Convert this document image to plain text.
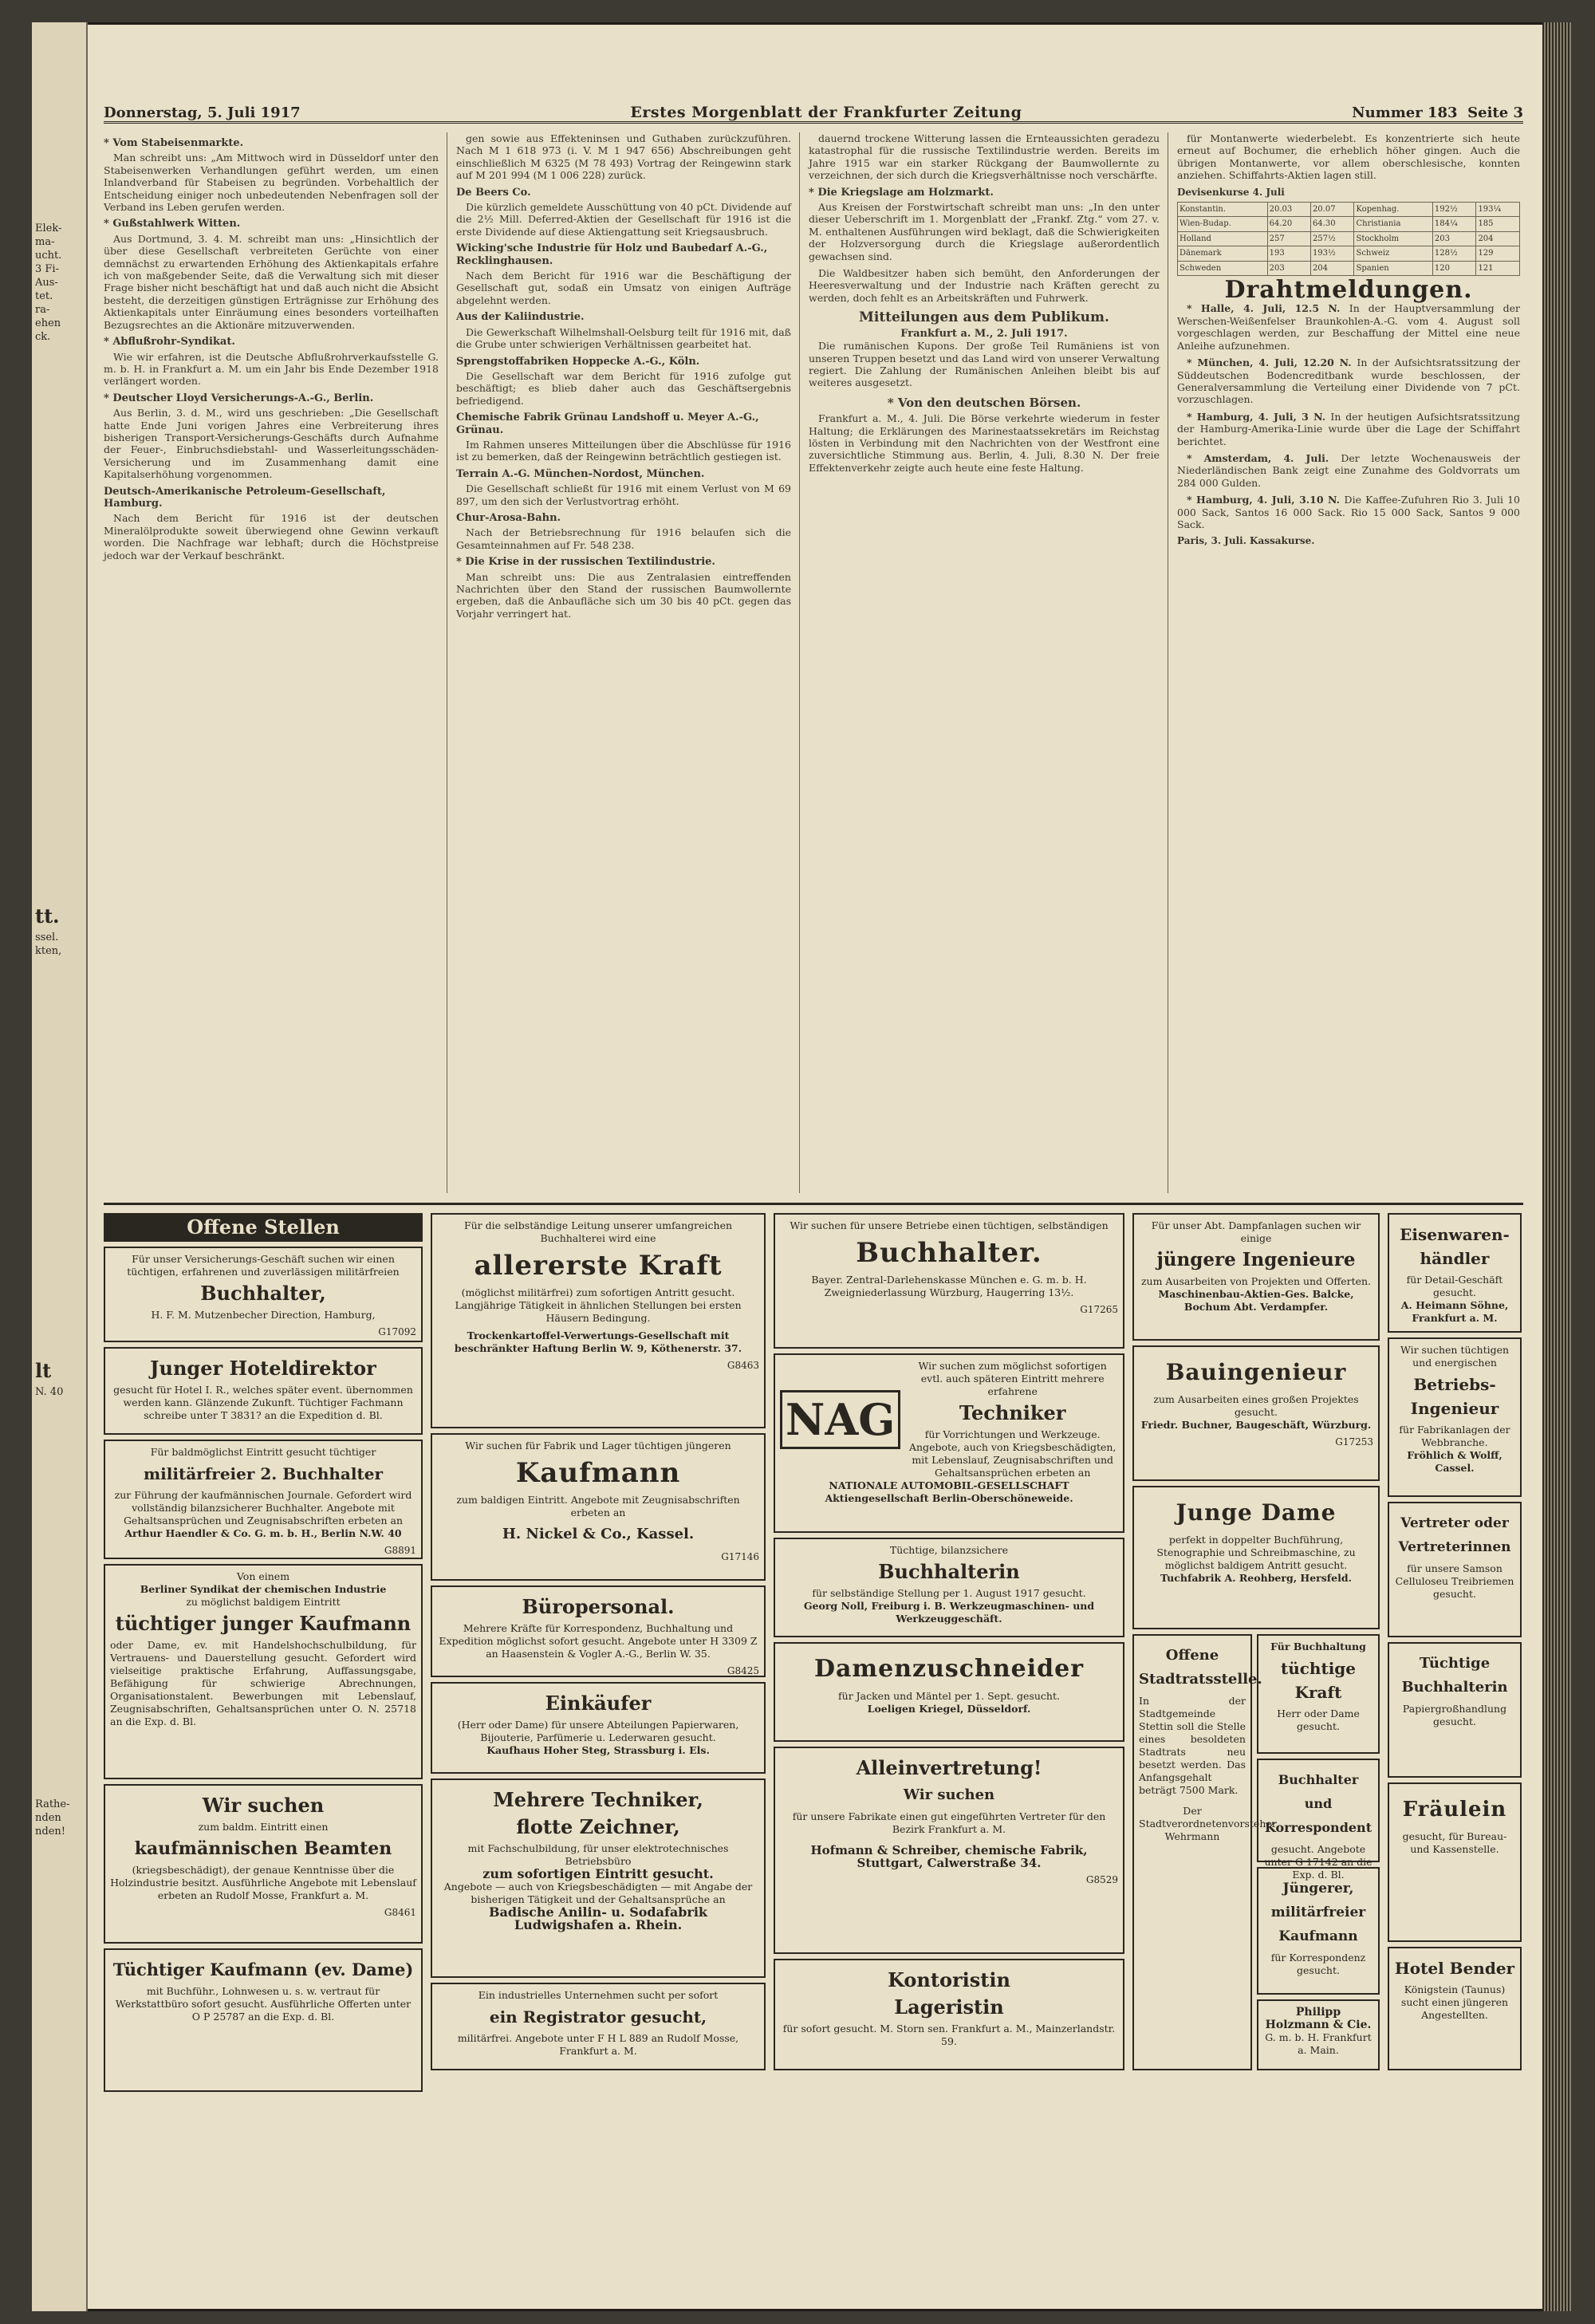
Elek-
ma-
ucht.
3 Fi-
Aus-
tet.
ra-
ehen
ck.
tt.
ssel.
kten,
lt
N. 40
Rathe-
nden
nden!
Donnerstag, 5. Juli 1917	Erstes Morgenblatt der Frankfurter Zeitung	Nummer 183 Seite 3
* Vom Stabeisenmarkte.

Man schreibt uns: „Am Mittwoch wird in Düsseldorf unter den Stabeisenwerken Verhandlungen geführt werden, um einen Inlandverband für Stabeisen zu begründen. Vorbehaltlich der Entscheidung einiger noch unbedeutenden Nebenfragen soll der Verband ins Leben gerufen werden.

* Gußstahlwerk Witten.

Aus Dortmund, 3. 4. M. schreibt man uns: „Hinsichtlich der über diese Gesellschaft verbreiteten Gerüchte von einer demnächst zu erwartenden Erhöhung des Aktienkapitals erfahre ich von maßgebender Seite, daß die Verwaltung sich mit dieser Frage bisher nicht beschäftigt hat und daß auch nicht die Absicht besteht, die derzeitigen günstigen Erträgnisse zur Erhöhung des Aktienkapitals unter Einräumung eines besonders vorteilhaften Bezugsrechtes an die Aktionäre mitzuverwenden.

* Abflußrohr-Syndikat.

Wie wir erfahren, ist die Deutsche Abflußrohrverkaufsstelle G. m. b. H. in Frankfurt a. M. um ein Jahr bis Ende Dezember 1918 verlängert worden.

* Deutscher Lloyd Versicherungs-A.-G., Berlin.

Aus Berlin, 3. d. M., wird uns geschrieben: „Die Gesellschaft hatte Ende Juni vorigen Jahres eine Verbreiterung ihres bisherigen Transport-Versicherungs-Geschäfts durch Aufnahme der Feuer-, Einbruchsdiebstahl- und Wasserleitungsschäden-Versicherung und im Zusammenhang damit eine Kapitalserhöhung vorgenommen.

Deutsch-Amerikanische Petroleum-Gesellschaft, Hamburg.

Nach dem Bericht für 1916 ist der deutschen Mineralölprodukte soweit überwiegend ohne Gewinn verkauft worden. Die Nachfrage war lebhaft; durch die Höchstpreise jedoch war der Verkauf beschränkt.

gen sowie aus Effekteninsen und Guthaben zurückzuführen. Nach M 1 618 973 (i. V. M 1 947 656) Abschreibungen geht einschließlich M 6325 (M 78 493) Vortrag der Reingewinn stark auf M 201 994 (M 1 006 228) zurück.

De Beers Co.

Die kürzlich gemeldete Ausschüttung von 40 pCt. Dividende auf die 2½ Mill. Deferred-Aktien der Gesellschaft für 1916 ist die erste Dividende auf diese Aktiengattung seit Kriegsausbruch.

Wicking'sche Industrie für Holz und Baubedarf A.-G., Recklinghausen.

Nach dem Bericht für 1916 war die Beschäftigung der Gesellschaft gut, sodaß ein Umsatz von einigen Aufträge abgelehnt werden.

Aus der Kaliindustrie.

Die Gewerkschaft Wilhelmshall-Oelsburg teilt für 1916 mit, daß die Grube unter schwierigen Verhältnissen gearbeitet hat.

Sprengstoffabriken Hoppecke A.-G., Köln.

Die Gesellschaft war dem Bericht für 1916 zufolge gut beschäftigt; es blieb daher auch das Geschäftsergebnis befriedigend.

Chemische Fabrik Grünau Landshoff u. Meyer A.-G., Grünau.

Im Rahmen unseres Mitteilungen über die Abschlüsse für 1916 ist zu bemerken, daß der Reingewinn beträchtlich gestiegen ist.

Terrain A.-G. München-Nordost, München.

Die Gesellschaft schließt für 1916 mit einem Verlust von M 69 897, um den sich der Verlustvortrag erhöht.

Chur-Arosa-Bahn.

Nach der Betriebsrechnung für 1916 belaufen sich die Gesamteinnahmen auf Fr. 548 238.

* Die Krise in der russischen Textilindustrie.

Man schreibt uns: Die aus Zentralasien eintreffenden Nachrichten über den Stand der russischen Baumwollernte ergeben, daß die Anbaufläche sich um 30 bis 40 pCt. gegen das Vorjahr verringert hat.

dauernd trockene Witterung lassen die Ernteaussichten geradezu katastrophal für die russische Textilindustrie werden. Bereits im Jahre 1915 war ein starker Rückgang der Baumwollernte zu verzeichnen, der sich durch die Kriegsverhältnisse noch verschärfte.

* Die Kriegslage am Holzmarkt.

Aus Kreisen der Forstwirtschaft schreibt man uns: „In den unter dieser Ueberschrift im 1. Morgenblatt der „Frankf. Ztg.“ vom 27. v. M. enthaltenen Ausführungen wird beklagt, daß die Schwierigkeiten der Holzversorgung durch die Kriegslage außerordentlich gewachsen sind.

Die Waldbesitzer haben sich bemüht, den Anforderungen der Heeresverwaltung und der Industrie nach Kräften gerecht zu werden, doch fehlt es an Arbeitskräften und Fuhrwerk.

Mitteilungen aus dem Publikum.
Frankfurt a. M., 2. Juli 1917.

Die rumänischen Kupons. Der große Teil Rumäniens ist von unseren Truppen besetzt und das Land wird von unserer Verwaltung regiert. Die Zahlung der Rumänischen Anleihen bleibt bis auf weiteres ausgesetzt.

* Von den deutschen Börsen.

Frankfurt a. M., 4. Juli. Die Börse verkehrte wiederum in fester Haltung; die Erklärungen des Marinestaatssekretärs im Reichstag lösten in Verbindung mit den Nachrichten von der Westfront eine zuversichtliche Stimmung aus. Berlin, 4. Juli, 8.30 N. Der freie Effektenverkehr zeigte auch heute eine feste Haltung.

für Montanwerte wiederbelebt. Es konzentrierte sich heute erneut auf Bochumer, die erheblich höher gingen. Auch die übrigen Montanwerte, vor allem oberschlesische, konnten anziehen. Schiffahrts-Aktien lagen still.

Devisenkurse 4. Juli
Konstantin.	20.03	20.07	Kopenhag.	192½	193¼
Wien-Budap.	64.20	64.30	Christiania	184¼	185
Holland	257	257½	Stockholm	203	204
Dänemark	193	193½	Schweiz	128½	129
Schweden	203	204	Spanien	120	121
Drahtmeldungen.

* Halle, 4. Juli, 12.5 N. In der Hauptversammlung der Werschen-Weißenfelser Braunkohlen-A.-G. vom 4. August soll vorgeschlagen werden, zur Beschaffung der Mittel eine neue Anleihe aufzunehmen.

* München, 4. Juli, 12.20 N. In der Aufsichtsratssitzung der Süddeutschen Bodencreditbank wurde beschlossen, der Generalversammlung die Verteilung einer Dividende von 7 pCt. vorzuschlagen.

* Hamburg, 4. Juli, 3 N. In der heutigen Aufsichtsratssitzung der Hamburg-Amerika-Linie wurde über die Lage der Schiffahrt berichtet.

* Amsterdam, 4. Juli. Der letzte Wochenausweis der Niederländischen Bank zeigt eine Zunahme des Goldvorrats um 284 000 Gulden.

* Hamburg, 4. Juli, 3.10 N. Die Kaffee-Zufuhren Rio 3. Juli 10 000 Sack, Santos 16 000 Sack. Rio 15 000 Sack, Santos 9 000 Sack.

Paris, 3. Juli. Kassakurse.
Offene Stellen
Für unser Versicherungs-Geschäft suchen wir einen tüchtigen, erfahrenen und zuverlässigen militärfreien
Buchhalter,
H. F. M. Mutzenbecher Direction, Hamburg,
G17092
Junger Hoteldirektor
gesucht für Hotel I. R., welches später event. übernommen werden kann. Glänzende Zukunft. Tüchtiger Fachmann schreibe unter T 3831? an die Expedition d. Bl.
Für baldmöglichst Eintritt gesucht tüchtiger
militärfreier 2. Buchhalter
zur Führung der kaufmännischen Journale. Gefordert wird vollständig bilanzsicherer Buchhalter. Angebote mit Gehaltsansprüchen und Zeugnisabschriften erbeten an
Arthur Haendler & Co. G. m. b. H., Berlin N.W. 40
G8891
Von einem
Berliner Syndikat der chemischen Industrie
zu möglichst baldigem Eintritt
tüchtiger junger Kaufmann
oder Dame, ev. mit Handelshochschulbildung, für Vertrauens- und Dauerstellung gesucht. Gefordert wird vielseitige praktische Erfahrung, Auffassungsgabe, Befähigung für schwierige Abrechnungen, Organisationstalent. Bewerbungen mit Lebenslauf, Zeugnisabschriften, Gehaltsansprüchen unter O. N. 25718 an die Exp. d. Bl.
Wir suchen
zum baldm. Eintritt einen
kaufmännischen Beamten
(kriegsbeschädigt), der genaue Kenntnisse über die Holzindustrie besitzt. Ausführliche Angebote mit Lebenslauf erbeten an Rudolf Mosse, Frankfurt a. M.
G8461
Tüchtiger Kaufmann (ev. Dame)
mit Buchführ., Lohnwesen u. s. w. vertraut für Werkstattbüro sofort gesucht. Ausführliche Offerten unter O P 25787 an die Exp. d. Bl.
Für die selbständige Leitung unserer umfangreichen Buchhalterei wird eine
allererste Kraft
(möglichst militärfrei) zum sofortigen Antritt gesucht. Langjährige Tätigkeit in ähnlichen Stellungen bei ersten Häusern Bedingung.
Trockenkartoffel-Verwertungs-Gesellschaft mit beschränkter Haftung Berlin W. 9, Köthenerstr. 37.
G8463
Wir suchen für Fabrik und Lager tüchtigen jüngeren
Kaufmann
zum baldigen Eintritt. Angebote mit Zeugnisabschriften erbeten an
H. Nickel & Co., Kassel.
G17146
Büropersonal.
Mehrere Kräfte für Korrespondenz, Buchhaltung und Expedition möglichst sofort gesucht. Angebote unter H 3309 Z an Haasenstein & Vogler A.-G., Berlin W. 35.
G8425
Einkäufer
(Herr oder Dame) für unsere Abteilungen Papierwaren, Bijouterie, Parfümerie u. Lederwaren gesucht.
Kaufhaus Hoher Steg, Strassburg i. Els.
Mehrere Techniker,
flotte Zeichner,
mit Fachschulbildung, für unser elektrotechnisches Betriebsbüro
zum sofortigen Eintritt gesucht.
Angebote — auch von Kriegsbeschädigten — mit Angabe der bisherigen Tätigkeit und der Gehaltsansprüche an
Badische Anilin- u. Sodafabrik Ludwigshafen a. Rhein.
Ein industrielles Unternehmen sucht per sofort
ein Registrator gesucht,
militärfrei. Angebote unter F H L 889 an Rudolf Mosse, Frankfurt a. M.
Wir suchen für unsere Betriebe einen tüchtigen, selbständigen
Buchhalter.
Bayer. Zentral-Darlehenskasse München e. G. m. b. H. Zweigniederlassung Würzburg, Haugerring 13½.
G17265
NAG
Wir suchen zum möglichst sofortigen evtl. auch späteren Eintritt mehrere erfahrene
Techniker
für Vorrichtungen und Werkzeuge. Angebote, auch von Kriegsbeschädigten, mit Lebenslauf, Zeugnisabschriften und Gehaltsansprüchen erbeten an
NATIONALE AUTOMOBIL-GESELLSCHAFT Aktiengesellschaft Berlin-Oberschöneweide.
Tüchtige, bilanzsichere
Buchhalterin
für selbständige Stellung per 1. August 1917 gesucht.
Georg Noll, Freiburg i. B. Werkzeugmaschinen- und Werkzeuggeschäft.
Damenzuschneider
für Jacken und Mäntel per 1. Sept. gesucht.
Loeligen Kriegel, Düsseldorf.
Alleinvertretung!
Wir suchen
für unsere Fabrikate einen gut eingeführten Vertreter für den Bezirk Frankfurt a. M.
Hofmann & Schreiber, chemische Fabrik, Stuttgart, Calwerstraße 34.
G8529
Kontoristin
Lageristin
für sofort gesucht. M. Storn sen. Frankfurt a. M., Mainzerlandstr. 59.
Für unser Abt. Dampfanlagen suchen wir einige
jüngere Ingenieure
zum Ausarbeiten von Projekten und Offerten.
Maschinenbau-Aktien-Ges. Balcke, Bochum Abt. Verdampfer.
Bauingenieur
zum Ausarbeiten eines großen Projektes gesucht.
Friedr. Buchner, Baugeschäft, Würzburg.
G17253
Junge Dame
perfekt in doppelter Buchführung, Stenographie und Schreibmaschine, zu möglichst baldigem Antritt gesucht.
Tuchfabrik A. Reohberg, Hersfeld.
Offene Stadtratsstelle.
In der Stadtgemeinde Stettin soll die Stelle eines besoldeten Stadtrats neu besetzt werden. Das Anfangsgehalt beträgt 7500 Mark.
Der Stadtverordnetenvorsteher Wehrmann
Für Buchhaltung
tüchtige Kraft
Herr oder Dame gesucht.
Buchhalter und Korrespondent
gesucht. Angebote unter G 17142 an die Exp. d. Bl.
Jüngerer, militärfreier Kaufmann
für Korrespondenz gesucht.
Philipp Holzmann & Cie.
G. m. b. H. Frankfurt a. Main.
Eisenwaren-händler
für Detail-Geschäft gesucht.
A. Heimann Söhne, Frankfurt a. M.
Wir suchen tüchtigen und energischen
Betriebs-Ingenieur
für Fabrikanlagen der Webbranche.
Fröhlich & Wolff, Cassel.
Vertreter oder Vertreterinnen
für unsere Samson Celluloseu Treibriemen gesucht.
Tüchtige Buchhalterin
Papiergroßhandlung gesucht.
Fräulein
gesucht, für Bureau- und Kassenstelle.
Hotel Bender
Königstein (Taunus) sucht einen jüngeren Angestellten.
